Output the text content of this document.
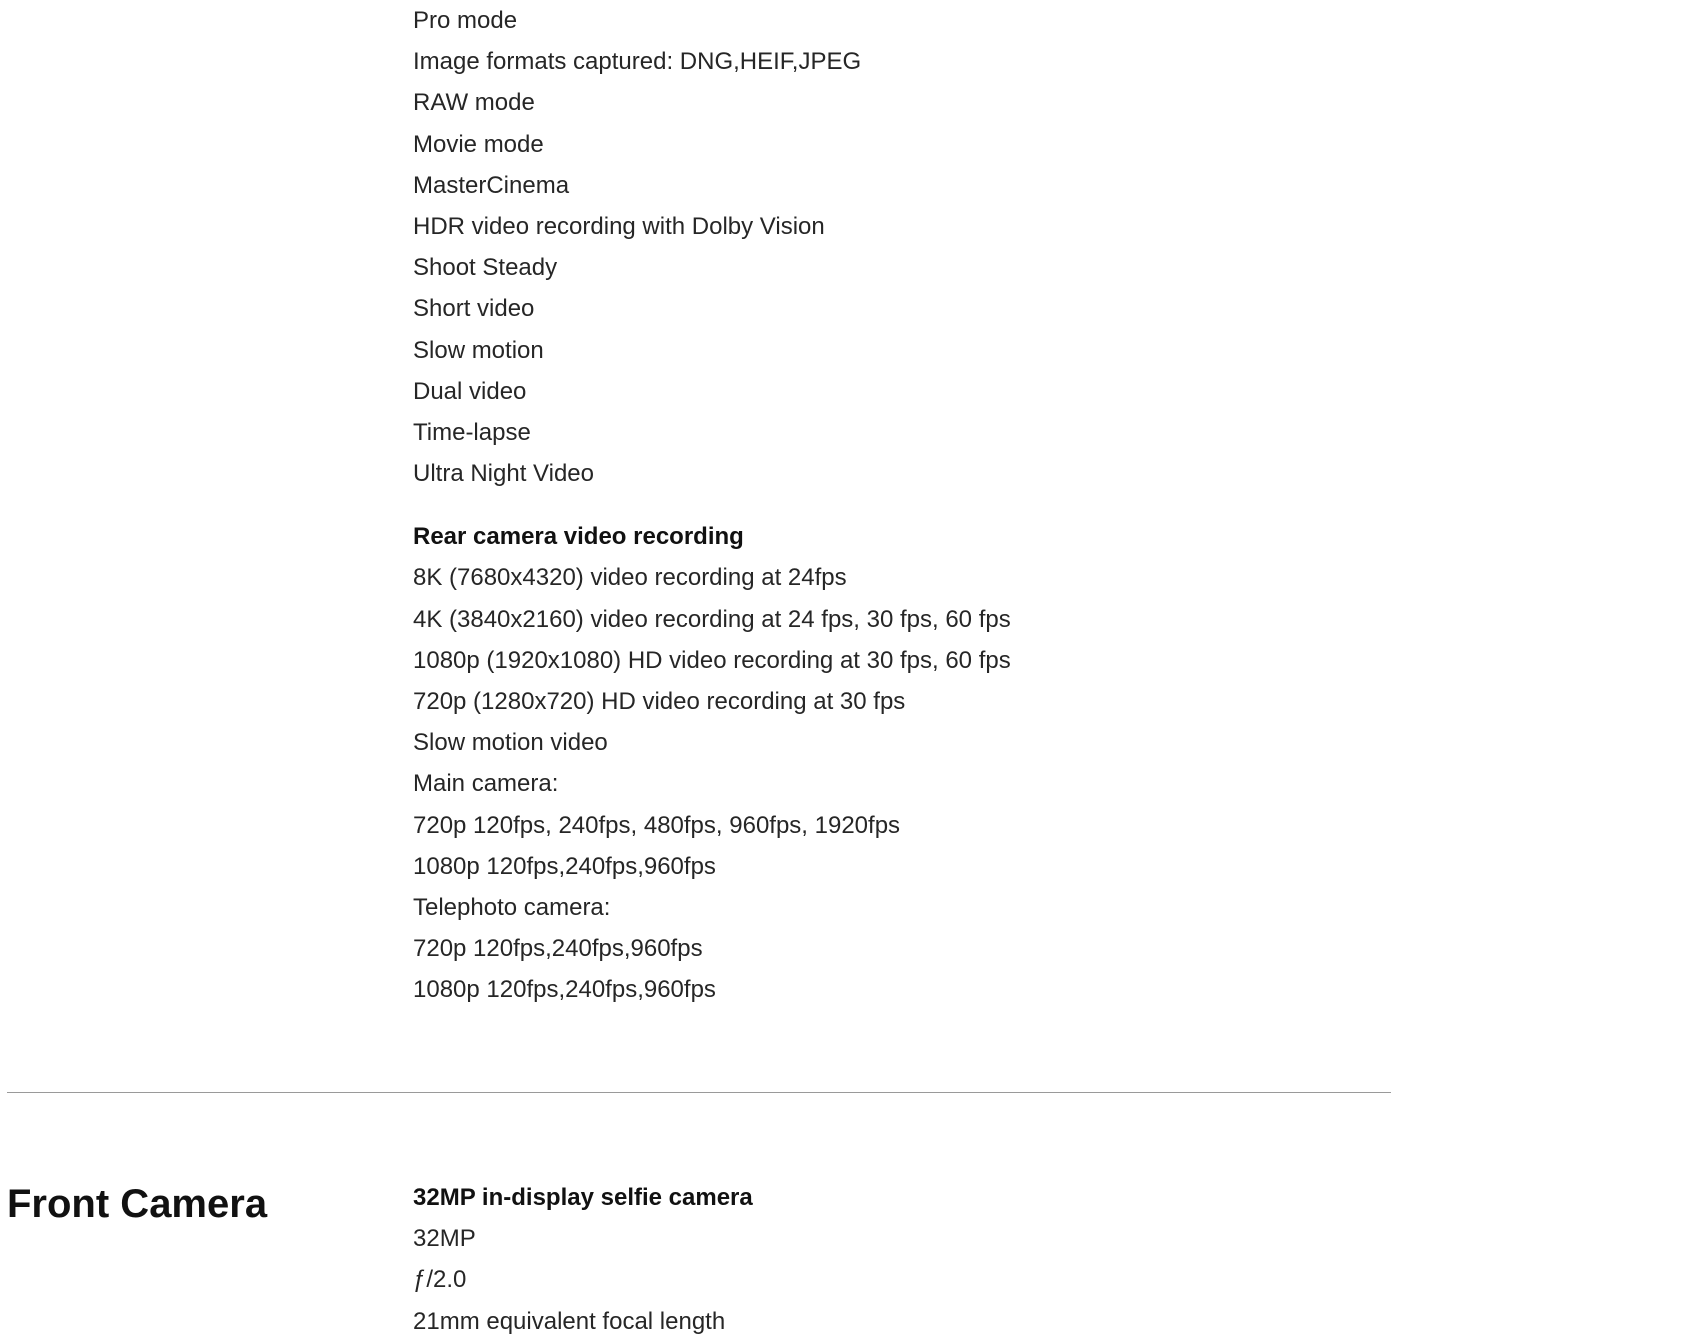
Pro mode
Image formats captured: DNG,HEIF,JPEG
RAW mode
Movie mode
MasterCinema
HDR video recording with Dolby Vision
Shoot Steady
Short video
Slow motion
Dual video
Time-lapse
Ultra Night Video
Rear camera video recording
8K (7680x4320) video recording at 24fps
4K (3840x2160) video recording at 24 fps, 30 fps, 60 fps
1080p (1920x1080) HD video recording at 30 fps, 60 fps
720p (1280x720) HD video recording at 30 fps
Slow motion video
Main camera:
720p 120fps, 240fps, 480fps, 960fps, 1920fps
1080p 120fps,240fps,960fps
Telephoto camera:
720p 120fps,240fps,960fps
1080p 120fps,240fps,960fps
Front Camera	32MP in-display selfie camera
32MP
ƒ/2.0
21mm equivalent focal length
